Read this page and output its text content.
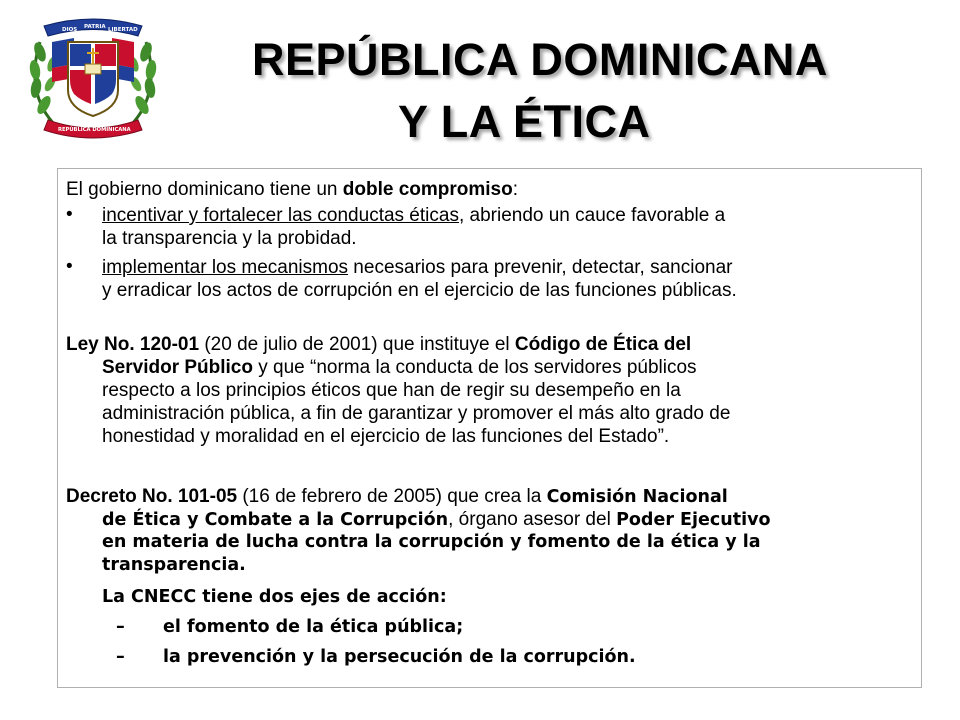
DIOS PATRIA LIBERTAD
REPÚBLICA DOMINICANA
REPÚBLICA DOMINICANA
Y LA ÉTICA
El gobierno dominicano tiene un doble compromiso:
• incentivar y fortalecer las conductas éticas, abriendo un cauce favorable a
la transparencia y la probidad.
• implementar los mecanismos necesarios para prevenir, detectar, sancionar
y erradicar los actos de corrupción en el ejercicio de las funciones públicas.
Ley No. 120-01 (20 de julio de 2001) que instituye el Código de Ética del
Servidor Público y que “norma la conducta de los servidores públicos
respecto a los principios éticos que han de regir su desempeño en la
administración pública, a fin de garantizar y promover el más alto grado de
honestidad y moralidad en el ejercicio de las funciones del Estado”.
Decreto No. 101-05 (16 de febrero de 2005) que crea la Comisión Nacional
de Ética y Combate a la Corrupción, órgano asesor del Poder Ejecutivo
en materia de lucha contra la corrupción y fomento de la ética y la
transparencia.
La CNECC tiene dos ejes de acción:
– el fomento de la ética pública;
– la prevención y la persecución de la corrupción.
